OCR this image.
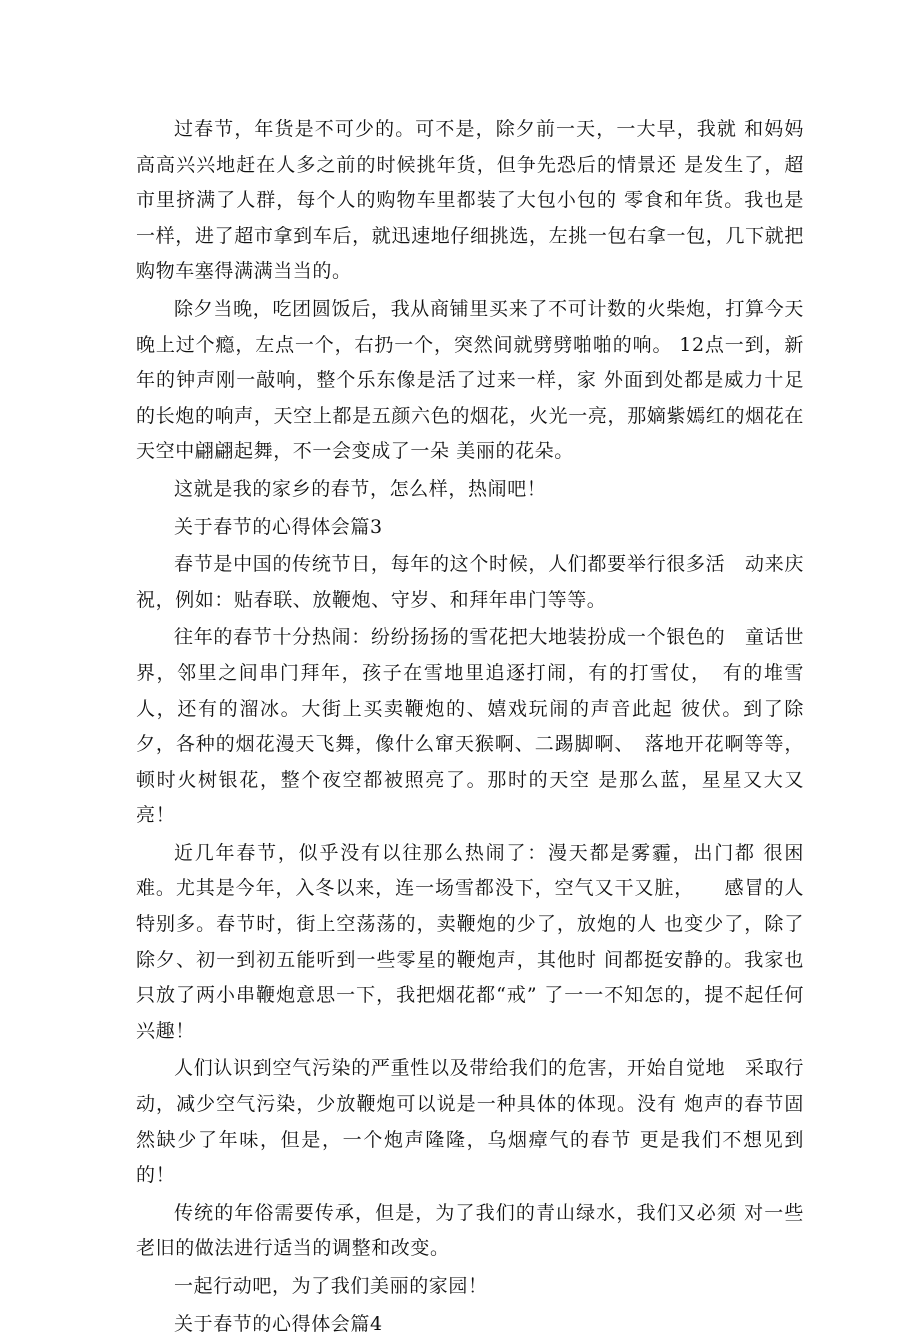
过春节，年货是不可少的。可不是，除夕前一天，一大早，我就 和妈妈高高兴兴地赶在人多之前的时候挑年货，但争先恐后的情景还 是发生了，超市里挤满了人群，每个人的购物车里都装了大包小包的 零食和年货。我也是一样，进了超市拿到车后，就迅速地仔细挑选，左挑一包右拿一包，几下就把购物车塞得满满当当的。

除夕当晚，吃团圆饭后，我从商铺里买来了不可计数的火柴炮，打算今天晚上过个瘾，左点一个，右扔一个，突然间就劈劈啪啪的响。 12点一到，新年的钟声刚一敲响，整个乐东像是活了过来一样，家 外面到处都是威力十足的长炮的响声，天空上都是五颜六色的烟花，火光一亮，那嫡紫嫣红的烟花在天空中翩翩起舞，不一会变成了一朵 美丽的花朵。

这就是我的家乡的春节，怎么样，热闹吧！

关于春节的心得体会篇3

春节是中国的传统节日，每年的这个时候，人们都要举行很多活　动来庆祝，例如：贴春联、放鞭炮、守岁、和拜年串门等等。

往年的春节十分热闹：纷纷扬扬的雪花把大地装扮成一个银色的　童话世界，邻里之间串门拜年，孩子在雪地里追逐打闹，有的打雪仗，　有的堆雪人，还有的溜冰。大街上买卖鞭炮的、嬉戏玩闹的声音此起 彼伏。到了除夕，各种的烟花漫天飞舞，像什么窜天猴啊、二踢脚啊、　落地开花啊等等，顿时火树银花，整个夜空都被照亮了。那时的天空 是那么蓝，星星又大又亮！

近几年春节，似乎没有以往那么热闹了：漫天都是雾霾，出门都 很困难。尤其是今年，入冬以来，连一场雪都没下，空气又干又脏，　　感冒的人特别多。春节时，街上空荡荡的，卖鞭炮的少了，放炮的人 也变少了，除了除夕、初一到初五能听到一些零星的鞭炮声，其他时 间都挺安静的。我家也只放了两小串鞭炮意思一下，我把烟花都“戒” 了一一不知怎的，提不起任何兴趣！

人们认识到空气污染的严重性以及带给我们的危害，开始自觉地　采取行动，减少空气污染，少放鞭炮可以说是一种具体的体现。没有 炮声的春节固然缺少了年味，但是，一个炮声隆隆，乌烟瘴气的春节 更是我们不想见到的！

传统的年俗需要传承，但是，为了我们的青山绿水，我们又必须 对一些老旧的做法进行适当的调整和改变。

一起行动吧，为了我们美丽的家园！

关于春节的心得体会篇4
